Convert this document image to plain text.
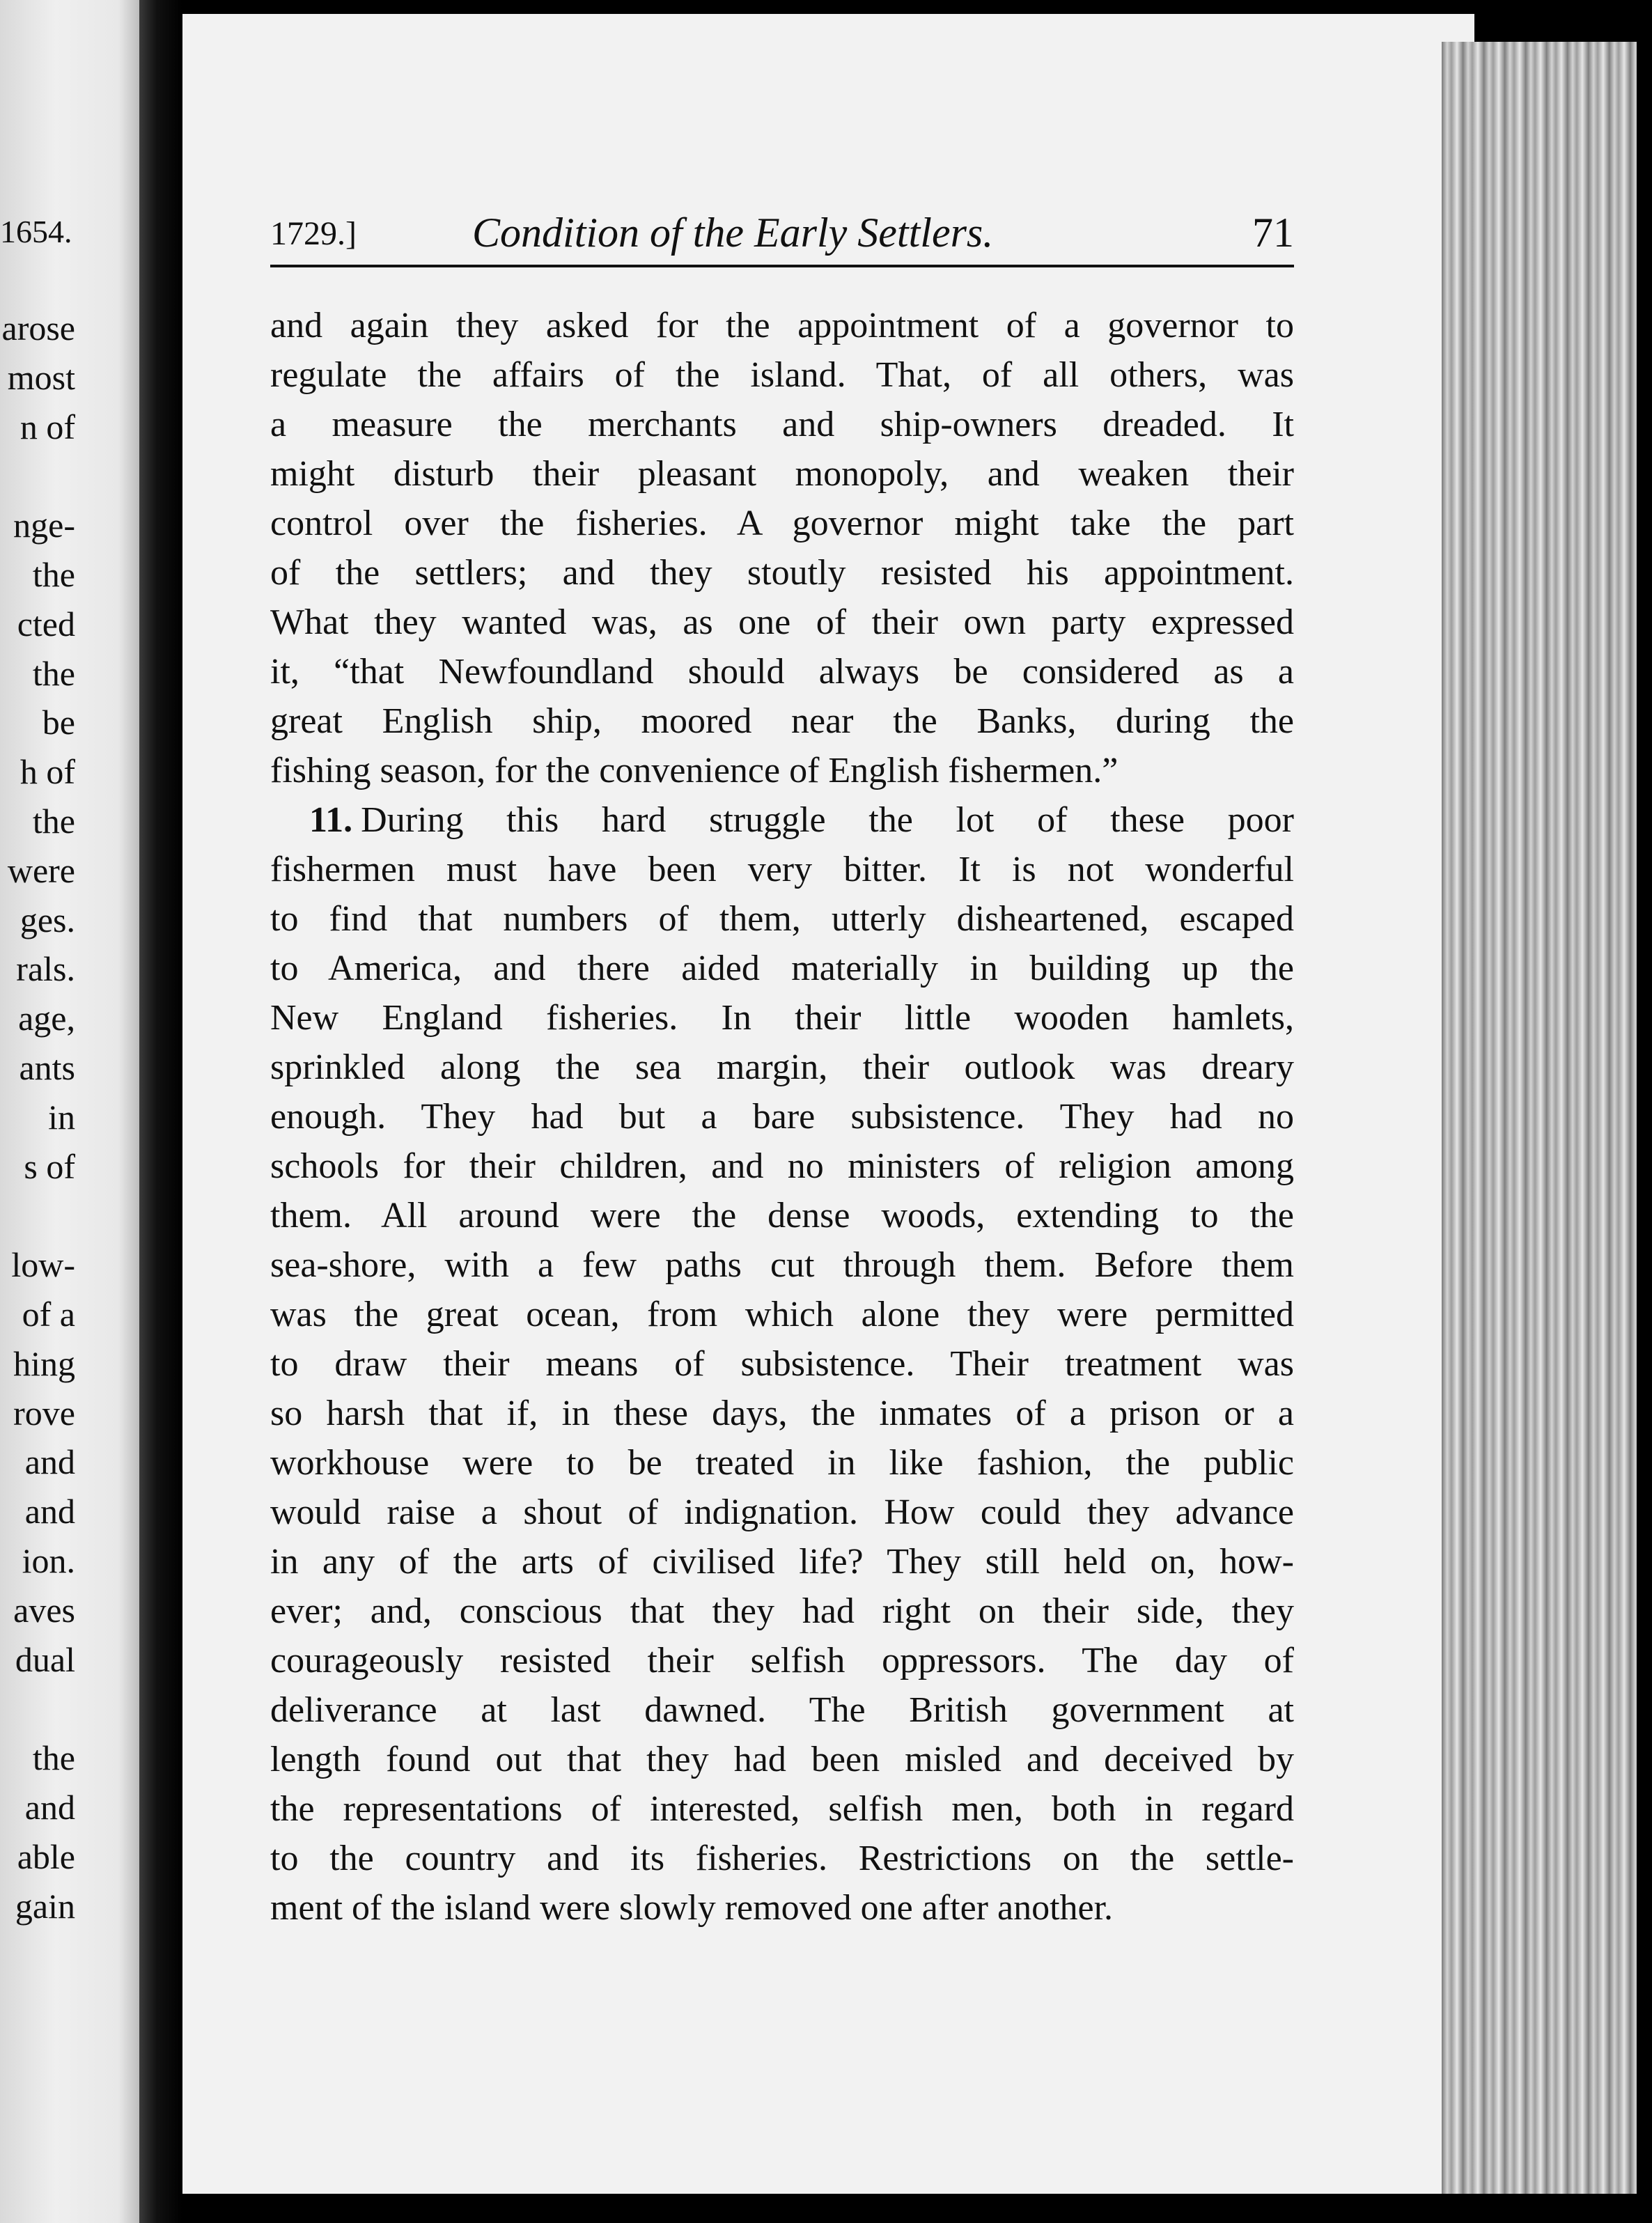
1654.
arose
most
n of
nge-
the
cted
the
be
h of
the
were
ges.
rals.
age,
ants
in
s of
low-
of a
hing
rove
and
and
ion.
aves
dual
the
and
able
gain
1729.]	Condition of the Early Settlers.	71
and again they asked for the appointment of a governor to
regulate the affairs of the island. That, of all others, was
a measure the merchants and ship-owners dreaded. It
might disturb their pleasant monopoly, and weaken their
control over the fisheries. A governor might take the part
of the settlers; and they stoutly resisted his appointment.
What they wanted was, as one of their own party expressed
it, “that Newfoundland should always be considered as a
great English ship, moored near the Banks, during the
fishing season, for the convenience of English fishermen.”
11. During this hard struggle the lot of these poor
fishermen must have been very bitter. It is not wonderful
to find that numbers of them, utterly disheartened, escaped
to America, and there aided materially in building up the
New England fisheries. In their little wooden hamlets,
sprinkled along the sea margin, their outlook was dreary
enough. They had but a bare subsistence. They had no
schools for their children, and no ministers of religion among
them. All around were the dense woods, extending to the
sea-shore, with a few paths cut through them. Before them
was the great ocean, from which alone they were permitted
to draw their means of subsistence. Their treatment was
so harsh that if, in these days, the inmates of a prison or a
workhouse were to be treated in like fashion, the public
would raise a shout of indignation. How could they advance
in any of the arts of civilised life? They still held on, how-
ever; and, conscious that they had right on their side, they
courageously resisted their selfish oppressors. The day of
deliverance at last dawned. The British government at
length found out that they had been misled and deceived by
the representations of interested, selfish men, both in regard
to the country and its fisheries. Restrictions on the settle-
ment of the island were slowly removed one after another.
